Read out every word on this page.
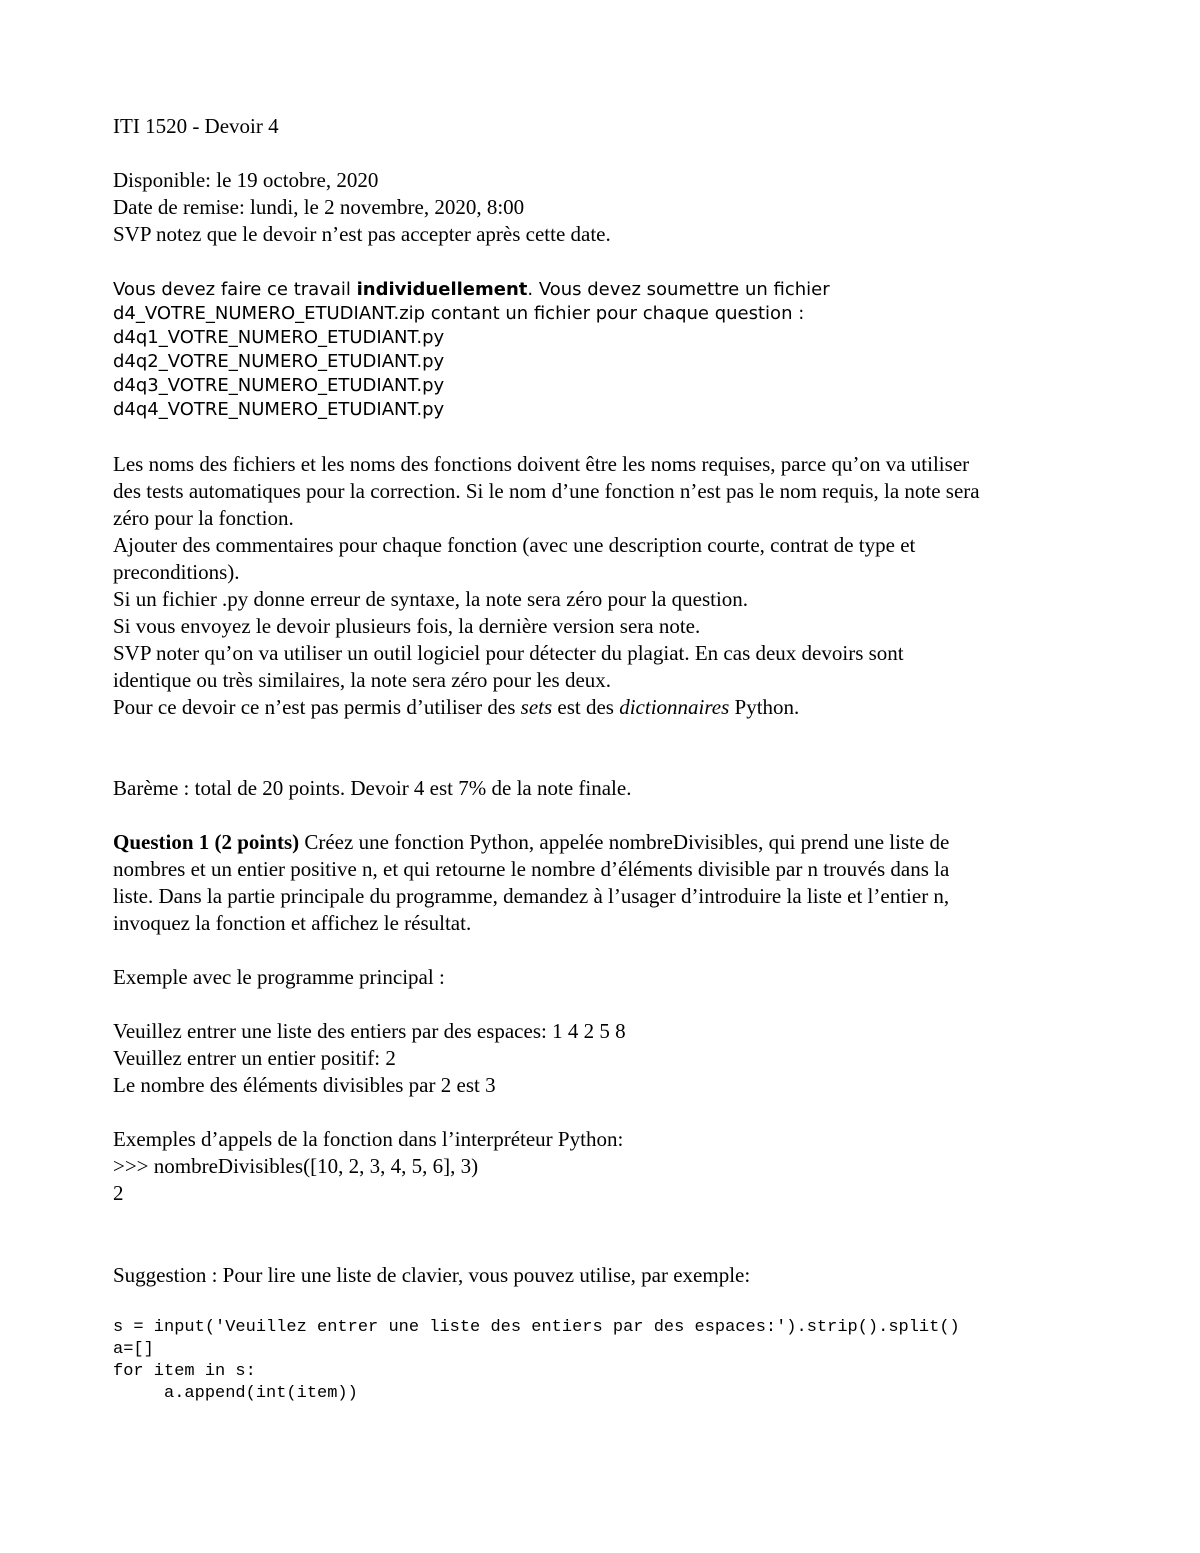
ITI 1520 - Devoir 4
Disponible: le 19 octobre, 2020
Date de remise: lundi, le 2 novembre, 2020, 8:00
SVP notez que le devoir n’est pas accepter après cette date.
Vous devez faire ce travail individuellement. Vous devez soumettre un fichier
d4_VOTRE_NUMERO_ETUDIANT.zip contant un fichier pour chaque question :
d4q1_VOTRE_NUMERO_ETUDIANT.py
d4q2_VOTRE_NUMERO_ETUDIANT.py
d4q3_VOTRE_NUMERO_ETUDIANT.py
d4q4_VOTRE_NUMERO_ETUDIANT.py
Les noms des fichiers et les noms des fonctions doivent être les noms requises, parce qu’on va utiliser
des tests automatiques pour la correction. Si le nom d’une fonction n’est pas le nom requis, la note sera
zéro pour la fonction.
Ajouter des commentaires pour chaque fonction (avec une description courte, contrat de type et
preconditions).
Si un fichier .py donne erreur de syntaxe, la note sera zéro pour la question.
Si vous envoyez le devoir plusieurs fois, la dernière version sera note.
SVP noter qu’on va utiliser un outil logiciel pour détecter du plagiat. En cas deux devoirs sont
identique ou très similaires, la note sera zéro pour les deux.
Pour ce devoir ce n’est pas permis d’utiliser des sets est des dictionnaires Python.
Barème : total de 20 points. Devoir 4 est 7% de la note finale.
Question 1 (2 points) Créez une fonction Python, appelée nombreDivisibles, qui prend une liste de
nombres et un entier positive n, et qui retourne le nombre d’éléments divisible par n trouvés dans la
liste. Dans la partie principale du programme, demandez à l’usager d’introduire la liste et l’entier n,
invoquez la fonction et affichez le résultat.
Exemple avec le programme principal :
Veuillez entrer une liste des entiers par des espaces: 1 4 2 5 8
Veuillez entrer un entier positif: 2
Le nombre des éléments divisibles par 2 est 3
Exemples d’appels de la fonction dans l’interpréteur Python:
>>> nombreDivisibles([10, 2, 3, 4, 5, 6], 3)
2
Suggestion : Pour lire une liste de clavier, vous pouvez utilise, par exemple:
s = input('Veuillez entrer une liste des entiers par des espaces:').strip().split()
a=[]
for item in s:
a.append(int(item))
